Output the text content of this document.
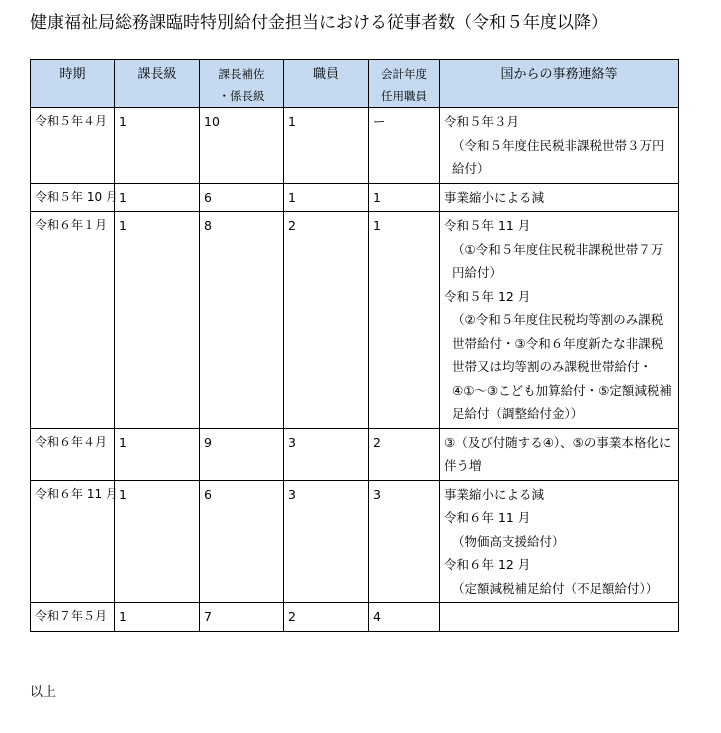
健康福祉局総務課臨時特別給付金担当における従事者数（令和５年度以降）
時期	課長級	課長補佐
・係長級	職員	会計年度
任用職員	国からの事務連絡等
令和５年４月	1	10	1	ー	令和５年３月
（令和５年度住民税非課税世帯３万円給付）

令和５年 10 月	1	6	1	1	事業縮小による減

令和６年１月	1	8	2	1	令和５年 11 月
（①令和５年度住民税非課税世帯７万円給付）
令和５年 12 月
（②令和５年度住民税均等割のみ課税世帯給付・③令和６年度新たな非課税世帯又は均等割のみ課税世帯給付・④①～③こども加算給付・⑤定額減税補足給付（調整給付金））

令和６年４月	1	9	3	2	③（及び付随する④）、⑤の事業本格化に伴う増

令和６年 11 月	1	6	3	3	事業縮小による減
令和６年 11 月
（物価高支援給付）
令和６年 12 月
（定額減税補足給付（不足額給付））

令和７年５月	1	7	2	4	
以上
